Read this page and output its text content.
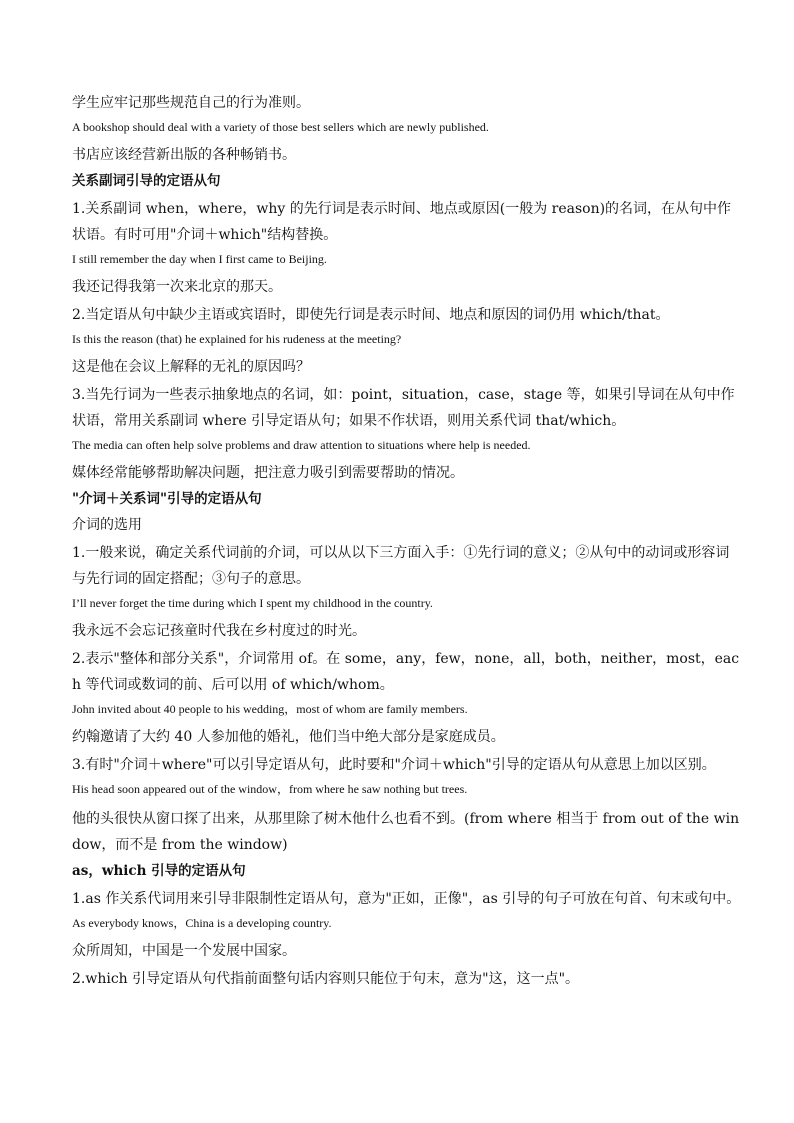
学生应牢记那些规范自己的行为准则。

A bookshop should deal with a variety of those best sellers which are newly published.

书店应该经营新出版的各种畅销书。

关系副词引导的定语从句

1.关系副词 when，where，why 的先行词是表示时间、地点或原因(一般为 reason)的名词，在从句中作状语。有时可用"介词＋which"结构替换。

I still remember the day when I first came to Beijing.

我还记得我第一次来北京的那天。

2.当定语从句中缺少主语或宾语时，即使先行词是表示时间、地点和原因的词仍用 which/that。

Is this the reason (that) he explained for his rudeness at the meeting?

这是他在会议上解释的无礼的原因吗？

3.当先行词为一些表示抽象地点的名词，如：point，situation，case，stage 等，如果引导词在从句中作状语，常用关系副词 where 引导定语从句；如果不作状语，则用关系代词 that/which。

The media can often help solve problems and draw attention to situations where help is needed.

媒体经常能够帮助解决问题，把注意力吸引到需要帮助的情况。

"介词＋关系词"引导的定语从句

介词的选用

1.一般来说，确定关系代词前的介词，可以从以下三方面入手：①先行词的意义；②从句中的动词或形容词与先行词的固定搭配；③句子的意思。

I’ll never forget the time during which I spent my childhood in the country.

我永远不会忘记孩童时代我在乡村度过的时光。

2.表示"整体和部分关系"，介词常用 of。在 some，any，few，none，all，both，neither，most，each 等代词或数词的前、后可以用 of which/whom。

John invited about 40 people to his wedding，most of whom are family members.

约翰邀请了大约 40 人参加他的婚礼，他们当中绝大部分是家庭成员。

3.有时"介词＋where"可以引导定语从句，此时要和"介词＋which"引导的定语从句从意思上加以区别。

His head soon appeared out of the window，from where he saw nothing but trees.

他的头很快从窗口探了出来，从那里除了树木他什么也看不到。(from where 相当于 from out of the window，而不是 from the window)

as，which 引导的定语从句

1.as 作关系代词用来引导非限制性定语从句，意为"正如，正像"，as 引导的句子可放在句首、句末或句中。

As everybody knows，China is a developing country.

众所周知，中国是一个发展中国家。

2.which 引导定语从句代指前面整句话内容则只能位于句末，意为"这，这一点"。
